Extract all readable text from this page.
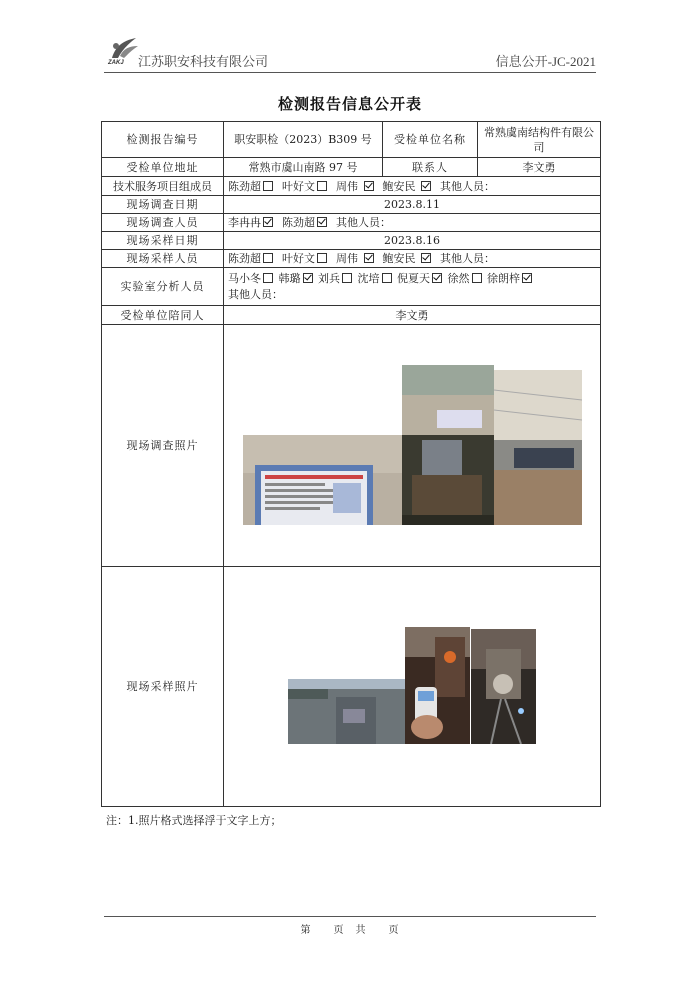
ZAKJ 江苏职安科技有限公司	信息公开-JC-2021
检测报告信息公开表
检测报告编号	职安职检（2023）B309 号	受检单位名称	常熟虞南结构件有限公司
受检单位地址	常熟市虞山南路 97 号	联系人	李文勇
技术服务项目组成员	陈劲超 叶好文 周伟 鲍安民 其他人员：		
现场调查日期	2023.8.11		
现场调查人员	李冉冉 陈劲超 其他人员：		
现场采样日期	2023.8.16		
现场采样人员	陈劲超 叶好文 周伟 鲍安民 其他人员：		
实验室分析人员	马小冬 韩璐 刘兵 沈培 倪夏天 徐然 徐朗梓
其他人员：		
受检单位陪同人	李文勇		
现场调查照片	

现场采样照片	
注：1.照片格式选择浮于文字上方；
第　　页　共　　页
